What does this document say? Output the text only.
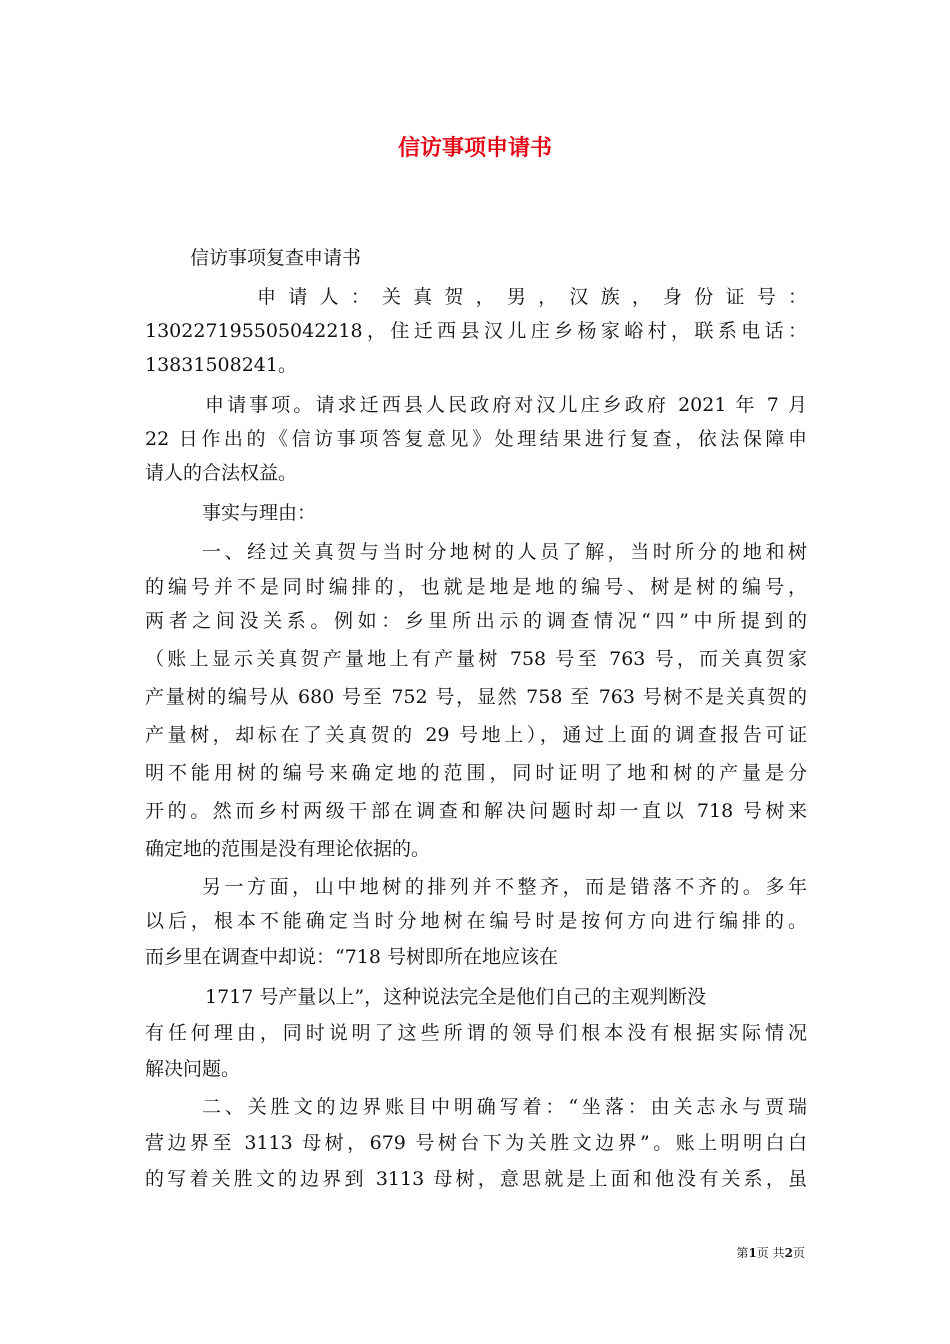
信访事项申请书
信访事项复查申请书
申 请 人 ： 关 真 贺 ， 男 ， 汉 族 ， 身 份 证 号 ：
130227195505042218，住迁西县汉儿庄乡杨家峪村，联系电话：
13831508241。
申请事项。请求迁西县人民政府对汉儿庄乡政府 2021 年 7 月
22 日作出的《信访事项答复意见》处理结果进行复查，依法保障申
请人的合法权益。
事实与理由：
一、经过关真贺与当时分地树的人员了解，当时所分的地和树
的编号并不是同时编排的，也就是地是地的编号、树是树的编号，
两者之间没关系。例如：乡里所出示的调查情况“四”中所提到的
（账上显示关真贺产量地上有产量树 758 号至 763 号，而关真贺家
产量树的编号从 680 号至 752 号，显然 758 至 763 号树不是关真贺的
产量树，却标在了关真贺的 29 号地上），通过上面的调查报告可证
明不能用树的编号来确定地的范围，同时证明了地和树的产量是分
开的。然而乡村两级干部在调查和解决问题时却一直以 718 号树来
确定地的范围是没有理论依据的。
另一方面，山中地树的排列并不整齐，而是错落不齐的。多年
以后，根本不能确定当时分地树在编号时是按何方向进行编排的。
而乡里在调查中却说：“718 号树即所在地应该在
1717 号产量以上”，这种说法完全是他们自己的主观判断没
有任何理由，同时说明了这些所谓的领导们根本没有根据实际情况
解决问题。
二、关胜文的边界账目中明确写着：“坐落：由关志永与贾瑞
营边界至 3113 母树，679 号树台下为关胜文边界”。账上明明白白
的写着关胜文的边界到 3113 母树，意思就是上面和他没有关系，虽
第1页 共2页
